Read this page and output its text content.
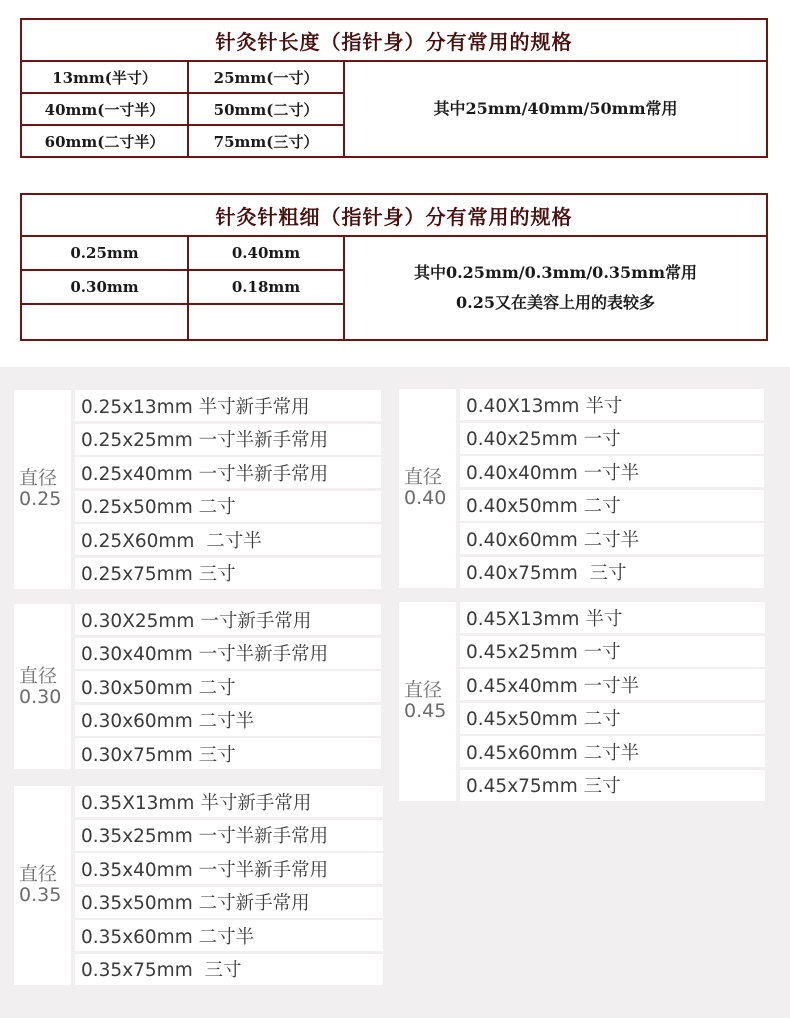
针灸针长度（指针身）分有常用的规格		
13mm(半寸）	25mm(一寸）	其中25mm/40mm/50mm常用
40mm(一寸半）	50mm(二寸）	
60mm(二寸半）	75mm(三寸）	
针灸针粗细（指针身）分有常用的规格		
0.25mm	0.40mm	其中0.25mm/0.3mm/0.35mm常用
0.25又在美容上用的表较多

0.30mm	0.18mm	

直径
0.25
0.25x13mm 半寸新手常用
0.25x25mm 一寸半新手常用
0.25x40mm 一寸半新手常用
0.25x50mm 二寸
0.25X60mm  二寸半
0.25x75mm 三寸
直径
0.40
0.40X13mm 半寸
0.40x25mm 一寸
0.40x40mm 一寸半
0.40x50mm 二寸
0.40x60mm 二寸半
0.40x75mm  三寸
直径
0.30
0.30X25mm 一寸新手常用
0.30x40mm 一寸半新手常用
0.30x50mm 二寸
0.30x60mm 二寸半
0.30x75mm 三寸
直径
0.45
0.45X13mm 半寸
0.45x25mm 一寸
0.45x40mm 一寸半
0.45x50mm 二寸
0.45x60mm 二寸半
0.45x75mm 三寸
直径
0.35
0.35X13mm 半寸新手常用
0.35x25mm 一寸半新手常用
0.35x40mm 一寸半新手常用
0.35x50mm 二寸新手常用
0.35x60mm 二寸半
0.35x75mm  三寸
